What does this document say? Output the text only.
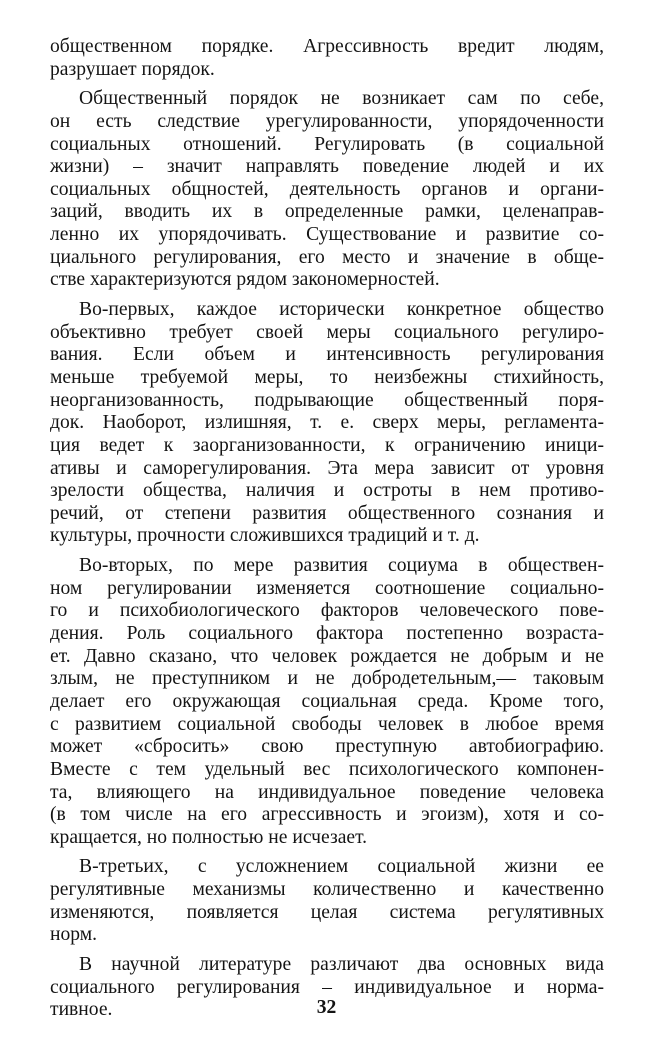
общественном порядке. Агрессивность вредит людям,
разрушает порядок.
Общественный порядок не возникает сам по себе,
он есть следствие урегулированности, упорядоченности
социальных отношений. Регулировать (в социальной
жизни) – значит направлять поведение людей и их
социальных общностей, деятельность органов и органи-
заций, вводить их в определенные рамки, целенаправ-
ленно их упорядочивать. Существование и развитие со-
циального регулирования, его место и значение в обще-
стве характеризуются рядом закономерностей.
Во-первых, каждое исторически конкретное общество
объективно требует своей меры социального регулиро-
вания. Если объем и интенсивность регулирования
меньше требуемой меры, то неизбежны стихийность,
неорганизованность, подрывающие общественный поря-
док. Наоборот, излишняя, т. е. сверх меры, регламента-
ция ведет к заорганизованности, к ограничению иници-
ативы и саморегулирования. Эта мера зависит от уровня
зрелости общества, наличия и остроты в нем противо-
речий, от степени развития общественного сознания и
культуры, прочности сложившихся традиций и т. д.
Во-вторых, по мере развития социума в обществен-
ном регулировании изменяется соотношение социально-
го и психобиологического факторов человеческого пове-
дения. Роль социального фактора постепенно возраста-
ет. Давно сказано, что человек рождается не добрым и не
злым, не преступником и не добродетельным,— таковым
делает его окружающая социальная среда. Кроме того,
с развитием социальной свободы человек в любое время
может «сбросить» свою преступную автобиографию.
Вместе с тем удельный вес психологического компонен-
та, влияющего на индивидуальное поведение человека
(в том числе на его агрессивность и эгоизм), хотя и со-
кращается, но полностью не исчезает.
В-третьих, с усложнением социальной жизни ее
регулятивные механизмы количественно и качественно
изменяются, появляется целая система регулятивных
норм.
В научной литературе различают два основных вида
социального регулирования – индивидуальное и норма-
тивное.	32
